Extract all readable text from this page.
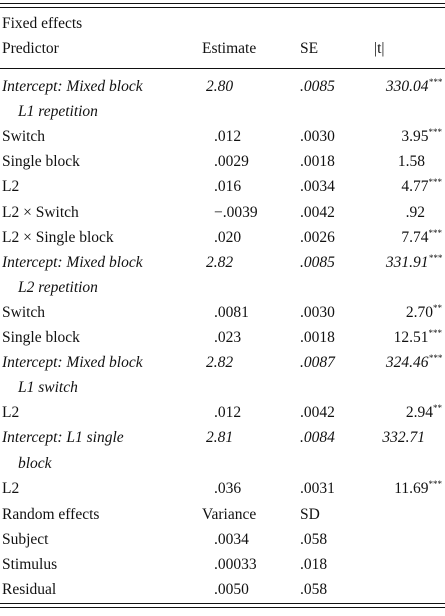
Fixed effects
Predictor	Estimate	SE	|t|
Intercept: Mixed block	2.80	.0085	330.04***
L1 repetition
Switch	.012	.0030	3.95***
Single block	.0029	.0018	1.58
L2	.016	.0034	4.77***
L2 × Switch	−.0039	.0042	.92
L2 × Single block	.020	.0026	7.74***
Intercept: Mixed block	2.82	.0085	331.91***
L2 repetition
Switch	.0081	.0030	2.70**
Single block	.023	.0018	12.51***
Intercept: Mixed block	2.82	.0087	324.46***
L1 switch
L2	.012	.0042	2.94**
Intercept: L1 single	2.81	.0084	332.71
block
L2	.036	.0031	11.69***
Random effects	Variance	SD
Subject	.0034	.058
Stimulus	.00033	.018
Residual	.0050	.058
